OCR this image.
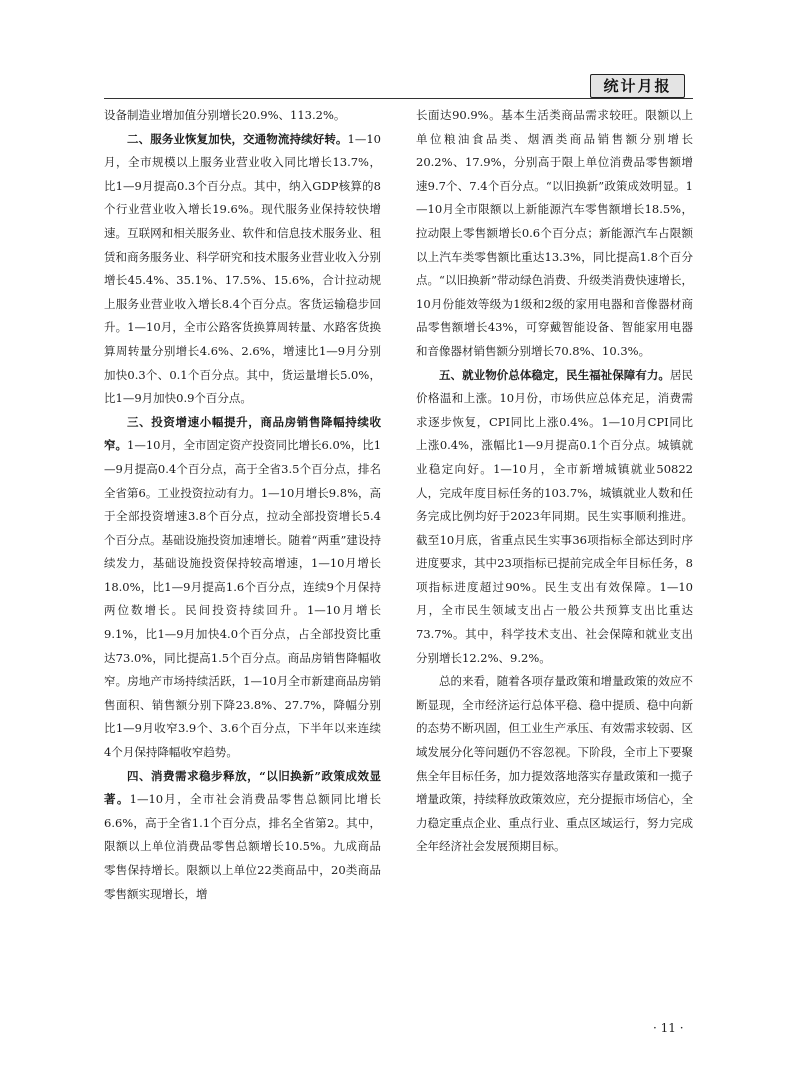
统计月报

设备制造业增加值分别增长20.9%、113.2%。

二、服务业恢复加快，交通物流持续好转。1—10月，全市规模以上服务业营业收入同比增长13.7%，比1—9月提高0.3个百分点。其中，纳入GDP核算的8个行业营业收入增长19.6%。现代服务业保持较快增速。互联网和相关服务业、软件和信息技术服务业、租赁和商务服务业、科学研究和技术服务业营业收入分别增长45.4%、35.1%、17.5%、15.6%，合计拉动规上服务业营业收入增长8.4个百分点。客货运输稳步回升。1—10月，全市公路客货换算周转量、水路客货换算周转量分别增长4.6%、2.6%，增速比1—9月分别加快0.3个、0.1个百分点。其中，货运量增长5.0%，比1—9月加快0.9个百分点。

三、投资增速小幅提升，商品房销售降幅持续收窄。1—10月，全市固定资产投资同比增长6.0%，比1—9月提高0.4个百分点，高于全省3.5个百分点，排名全省第6。工业投资拉动有力。1—10月增长9.8%，高于全部投资增速3.8个百分点，拉动全部投资增长5.4个百分点。基础设施投资加速增长。随着“两重”建设持续发力，基础设施投资保持较高增速，1—10月增长18.0%，比1—9月提高1.6个百分点，连续9个月保持两位数增长。民间投资持续回升。1—10月增长9.1%，比1—9月加快4.0个百分点，占全部投资比重达73.0%，同比提高1.5个百分点。商品房销售降幅收窄。房地产市场持续活跃，1—10月全市新建商品房销售面积、销售额分别下降23.8%、27.7%，降幅分别比1—9月收窄3.9个、3.6个百分点，下半年以来连续4个月保持降幅收窄趋势。

四、消费需求稳步释放，“以旧换新”政策成效显著。1—10月，全市社会消费品零售总额同比增长6.6%，高于全省1.1个百分点，排名全省第2。其中，限额以上单位消费品零售总额增长10.5%。九成商品零售保持增长。限额以上单位22类商品中，20类商品零售额实现增长，增

长面达90.9%。基本生活类商品需求较旺。限额以上单位粮油食品类、烟酒类商品销售额分别增长20.2%、17.9%，分别高于限上单位消费品零售额增速9.7个、7.4个百分点。“以旧换新”政策成效明显。1—10月全市限额以上新能源汽车零售额增长18.5%，拉动限上零售额增长0.6个百分点；新能源汽车占限额以上汽车类零售额比重达13.3%，同比提高1.8个百分点。“以旧换新”带动绿色消费、升级类消费快速增长，10月份能效等级为1级和2级的家用电器和音像器材商品零售额增长43%，可穿戴智能设备、智能家用电器和音像器材销售额分别增长70.8%、10.3%。

五、就业物价总体稳定，民生福祉保障有力。居民价格温和上涨。10月份，市场供应总体充足，消费需求逐步恢复，CPI同比上涨0.4%。1—10月CPI同比上涨0.4%，涨幅比1—9月提高0.1个百分点。城镇就业稳定向好。1—10月，全市新增城镇就业50822人，完成年度目标任务的103.7%，城镇就业人数和任务完成比例均好于2023年同期。民生实事顺利推进。截至10月底，省重点民生实事36项指标全部达到时序进度要求，其中23项指标已提前完成全年目标任务，8项指标进度超过90%。民生支出有效保障。1—10月，全市民生领域支出占一般公共预算支出比重达73.7%。其中，科学技术支出、社会保障和就业支出分别增长12.2%、9.2%。

总的来看，随着各项存量政策和增量政策的效应不断显现，全市经济运行总体平稳、稳中提质、稳中向新的态势不断巩固，但工业生产承压、有效需求较弱、区域发展分化等问题仍不容忽视。下阶段，全市上下要聚焦全年目标任务，加力提效落地落实存量政策和一揽子增量政策，持续释放政策效应，充分提振市场信心，全力稳定重点企业、重点行业、重点区域运行，努力完成全年经济社会发展预期目标。

· 11 ·
